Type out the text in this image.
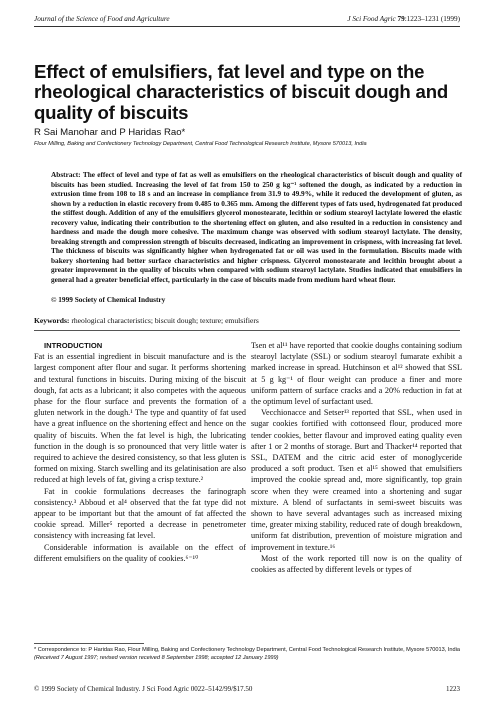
Journal of the Science of Food and Agriculture	J Sci Food Agric 79:1223–1231 (1999)
Effect of emulsifiers, fat level and type on the rheological characteristics of biscuit dough and quality of biscuits
R Sai Manohar and P Haridas Rao*
Flour Milling, Baking and Confectionery Technology Department, Central Food Technological Research Institute, Mysore 570013, India
Abstract: The effect of level and type of fat as well as emulsifiers on the rheological characteristics of biscuit dough and quality of biscuits has been studied. Increasing the level of fat from 150 to 250 g kg⁻¹ softened the dough, as indicated by a reduction in extrusion time from 108 to 18 s and an increase in compliance from 31.9 to 49.9%, while it reduced the development of gluten, as shown by a reduction in elastic recovery from 0.485 to 0.365 mm. Among the different types of fats used, hydrogenated fat produced the stiffest dough. Addition of any of the emulsifiers glycerol monostearate, lecithin or sodium stearoyl lactylate lowered the elastic recovery value, indicating their contribution to the shortening effect on gluten, and also resulted in a reduction in consistency and hardness and made the dough more cohesive. The maximum change was observed with sodium stearoyl lactylate. The density, breaking strength and compression strength of biscuits decreased, indicating an improvement in crispness, with increasing fat level. The thickness of biscuits was significantly higher when hydrogenated fat or oil was used in the formulation. Biscuits made with bakery shortening had better surface characteristics and higher crispness. Glycerol monostearate and lecithin brought about a greater improvement in the quality of biscuits when compared with sodium stearoyl lactylate. Studies indicated that emulsifiers in general had a greater beneficial effect, particularly in the case of biscuits made from medium hard wheat flour.
© 1999 Society of Chemical Industry
Keywords: rheological characteristics; biscuit dough; texture; emulsifiers

INTRODUCTION

Fat is an essential ingredient in biscuit manufacture and is the largest component after flour and sugar. It performs shortening and textural functions in biscuits. During mixing of the biscuit dough, fat acts as a lubricant; it also competes with the aqueous phase for the flour surface and prevents the formation of a gluten network in the dough.¹ The type and quantity of fat used have a great influence on the shortening effect and hence on the quality of biscuits. When the fat level is high, the lubricating function in the dough is so pronounced that very little water is required to achieve the desired consistency, so that less gluten is formed on mixing. Starch swelling and its gelatinisation are also reduced at high levels of fat, giving a crisp texture.²

Fat in cookie formulations decreases the farinograph consistency.³ Abboud et al⁴ observed that the fat type did not appear to be important but that the amount of fat affected the cookie spread. Miller⁵ reported a decrease in penetrometer consistency with increasing fat level.

Considerable information is available on the effect of different emulsifiers on the quality of cookies.⁶⁻¹⁰

Tsen et al¹¹ have reported that cookie doughs containing sodium stearoyl lactylate (SSL) or sodium stearoyl fumarate exhibit a marked increase in spread. Hutchinson et al¹² showed that SSL at 5 g kg⁻¹ of flour weight can produce a finer and more uniform pattern of surface cracks and a 20% reduction in fat at the optimum level of surfactant used.

Vecchionacce and Setser¹³ reported that SSL, when used in sugar cookies fortified with cottonseed flour, produced more tender cookies, better flavour and improved eating quality even after 1 or 2 months of storage. Burt and Thacker¹⁴ reported that SSL, DATEM and the citric acid ester of monoglyceride produced a soft product. Tsen et al¹⁵ showed that emulsifiers improved the cookie spread and, more significantly, top grain score when they were creamed into a shortening and sugar mixture. A blend of surfactants in semi-sweet biscuits was shown to have several advantages such as increased mixing time, greater mixing stability, reduced rate of dough breakdown, uniform fat distribution, prevention of moisture migration and improvement in texture.¹⁶

Most of the work reported till now is on the quality of cookies as affected by different levels or types of

* Correspondence to: P Haridas Rao, Flour Milling, Baking and Confectionery Technology Department, Central Food Technological Research Institute, Mysore 570013, India
(Received 7 August 1997; revised version received 8 September 1998; accepted 12 January 1999)
© 1999 Society of Chemical Industry. J Sci Food Agric 0022–5142/99/$17.50	1223
